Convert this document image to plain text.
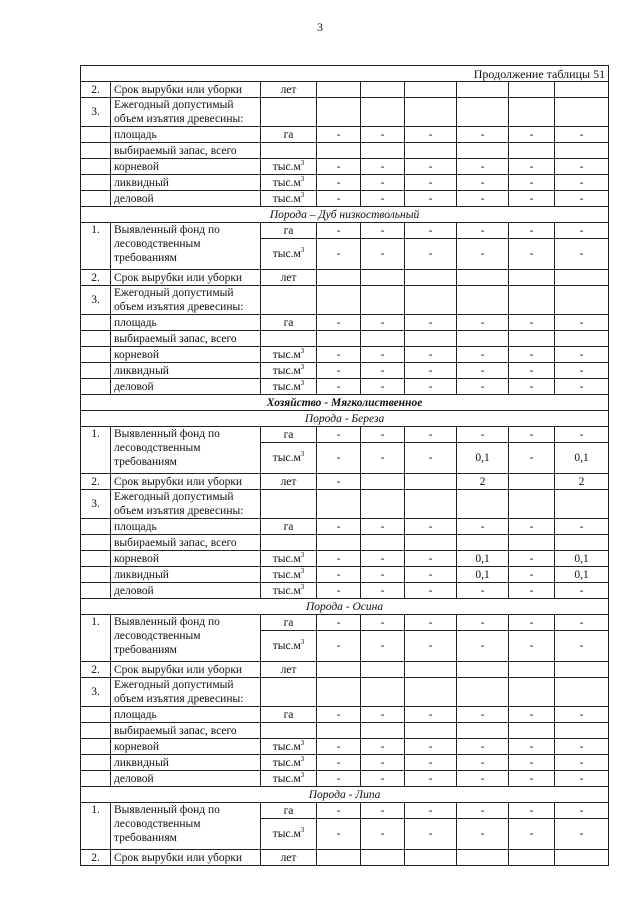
3
Продолжение таблицы 51								
2.	Срок вырубки или уборки	лет						
3.	Ежегодный допустимый объем изъятия древесины:							
	площадь	га	-	-	-	-	-	-
	выбираемый запас, всего							
	корневой	$тыс.м^3$	-	-	-	-	-	-
	ликвидный	$тыс.м^3$	-	-	-	-	-	-
	деловой	$тыс.м^3$	-	-	-	-	-	-
Порода – Дуб низкоствольный								
1.	Выявленный фонд по лесоводственным требованиям	га	-	-	-	-	-	-
		$тыс.м^3$	-	-	-	-	-	-
2.	Срок вырубки или уборки	лет						
3.	Ежегодный допустимый объем изъятия древесины:							
	площадь	га	-	-	-	-	-	-
	выбираемый запас, всего							
	корневой	$тыс.м^3$	-	-	-	-	-	-
	ликвидный	$тыс.м^3$	-	-	-	-	-	-
	деловой	$тыс.м^3$	-	-	-	-	-	-
Хозяйство - Мягколиственное								
Порода - Береза								
1.	Выявленный фонд по лесоводственным требованиям	га	-	-	-	-	-	-
		$тыс.м^3$	-	-	-	0,1	-	0,1
2.	Срок вырубки или уборки	лет	-			2		2
3.	Ежегодный допустимый объем изъятия древесины:							
	площадь	га	-	-	-	-	-	-
	выбираемый запас, всего							
	корневой	$тыс.м^3$	-	-	-	0,1	-	0,1
	ликвидный	$тыс.м^3$	-	-	-	0,1	-	0,1
	деловой	$тыс.м^3$	-	-	-	-	-	-
Порода - Осина								
1.	Выявленный фонд по лесоводственным требованиям	га	-	-	-	-	-	-
		$тыс.м^3$	-	-	-	-	-	-
2.	Срок вырубки или уборки	лет						
3.	Ежегодный допустимый объем изъятия древесины:							
	площадь	га	-	-	-	-	-	-
	выбираемый запас, всего							
	корневой	$тыс.м^3$	-	-	-	-	-	-
	ликвидный	$тыс.м^3$	-	-	-	-	-	-
	деловой	$тыс.м^3$	-	-	-	-	-	-
Порода - Липа								
1.	Выявленный фонд по лесоводственным требованиям	га	-	-	-	-	-	-
		$тыс.м^3$	-	-	-	-	-	-
2.	Срок вырубки или уборки	лет						
